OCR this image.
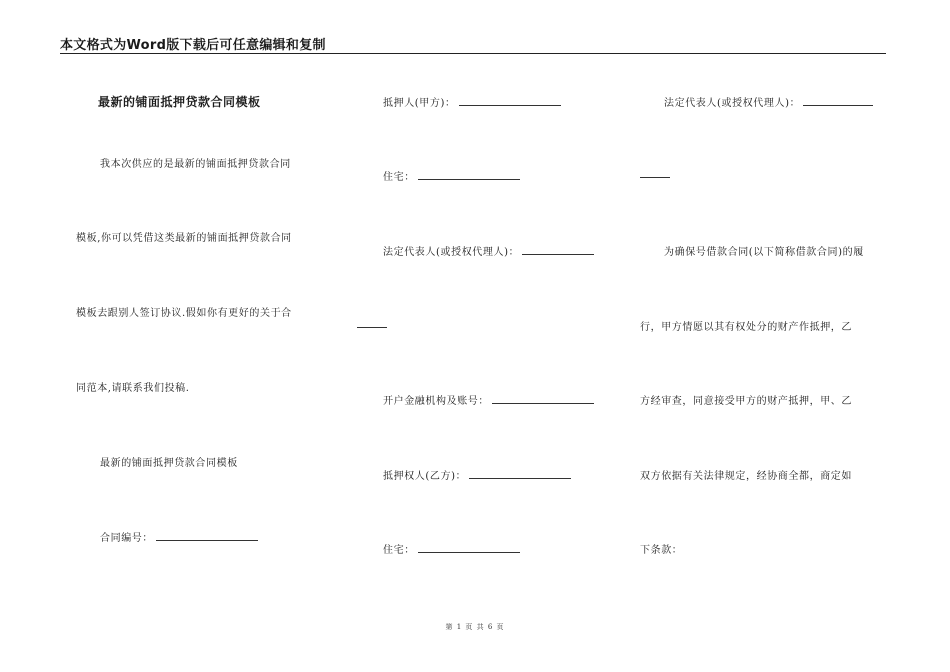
本文格式为Word版下载后可任意编辑和复制
最新的铺面抵押贷款合同模板
我本次供应的是最新的铺面抵押贷款合同
模板,你可以凭借这类最新的铺面抵押贷款合同
模板去跟别人签订协议.假如你有更好的关于合
同范本,请联系我们投稿.
最新的铺面抵押贷款合同模板
合同编号：
抵押人(甲方)：
住宅：
法定代表人(或授权代理人)：
开户金融机构及账号：
抵押权人(乙方)：
住宅：
法定代表人(或授权代理人)：
为确保号借款合同(以下简称借款合同)的履
行，甲方情愿以其有权处分的财产作抵押，乙
方经审查，同意接受甲方的财产抵押，甲、乙
双方依据有关法律规定，经协商全都，商定如
下条款：
第 1 页 共 6 页
